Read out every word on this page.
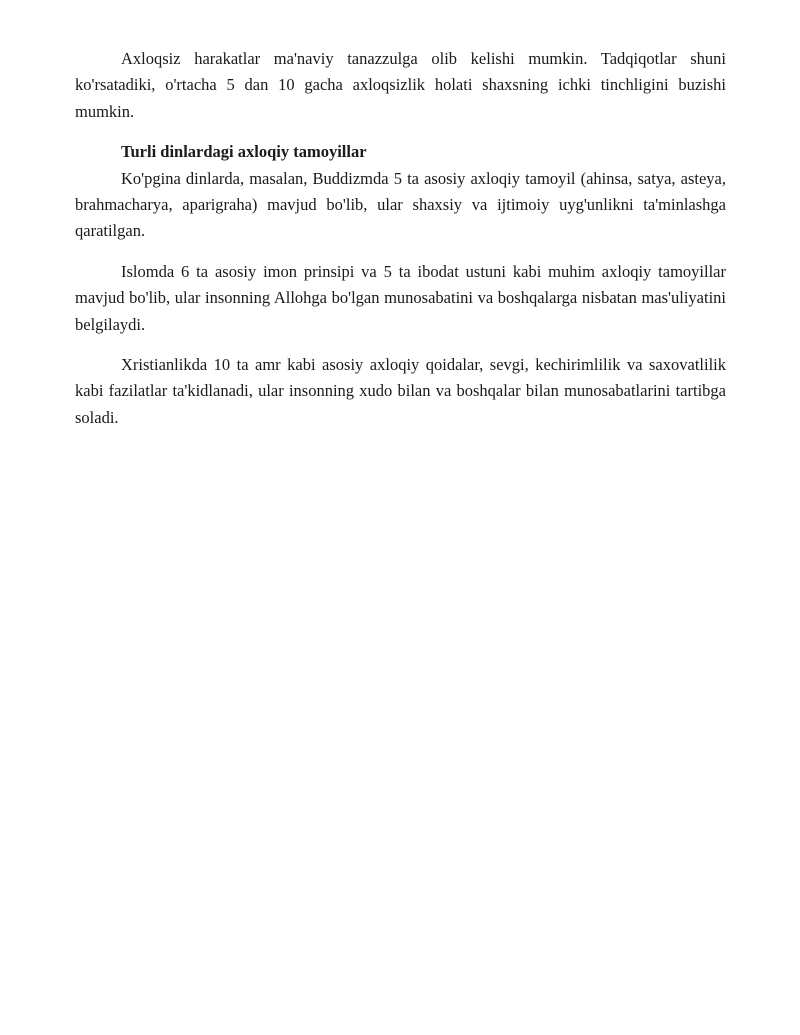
Axloqsiz harakatlar ma'naviy tanazzulga olib kelishi mumkin. Tadqiqotlar shuni ko'rsatadiki, o'rtacha 5 dan 10 gacha axloqsizlik holati shaxsning ichki tinchligini buzishi mumkin.

Turli dinlardagi axloqiy tamoyillar

Ko'pgina dinlarda, masalan, Buddizmda 5 ta asosiy axloqiy tamoyil (ahinsa, satya, asteya, brahmacharya, aparigraha) mavjud bo'lib, ular shaxsiy va ijtimoiy uyg'unlikni ta'minlashga qaratilgan.

Islomda 6 ta asosiy imon prinsipi va 5 ta ibodat ustuni kabi muhim axloqiy tamoyillar mavjud bo'lib, ular insonning Allohga bo'lgan munosabatini va boshqalarga nisbatan mas'uliyatini belgilaydi.

Xristianlikda 10 ta amr kabi asosiy axloqiy qoidalar, sevgi, kechirimlilik va saxovatlilik kabi fazilatlar ta'kidlanadi, ular insonning xudo bilan va boshqalar bilan munosabatlarini tartibga soladi.
